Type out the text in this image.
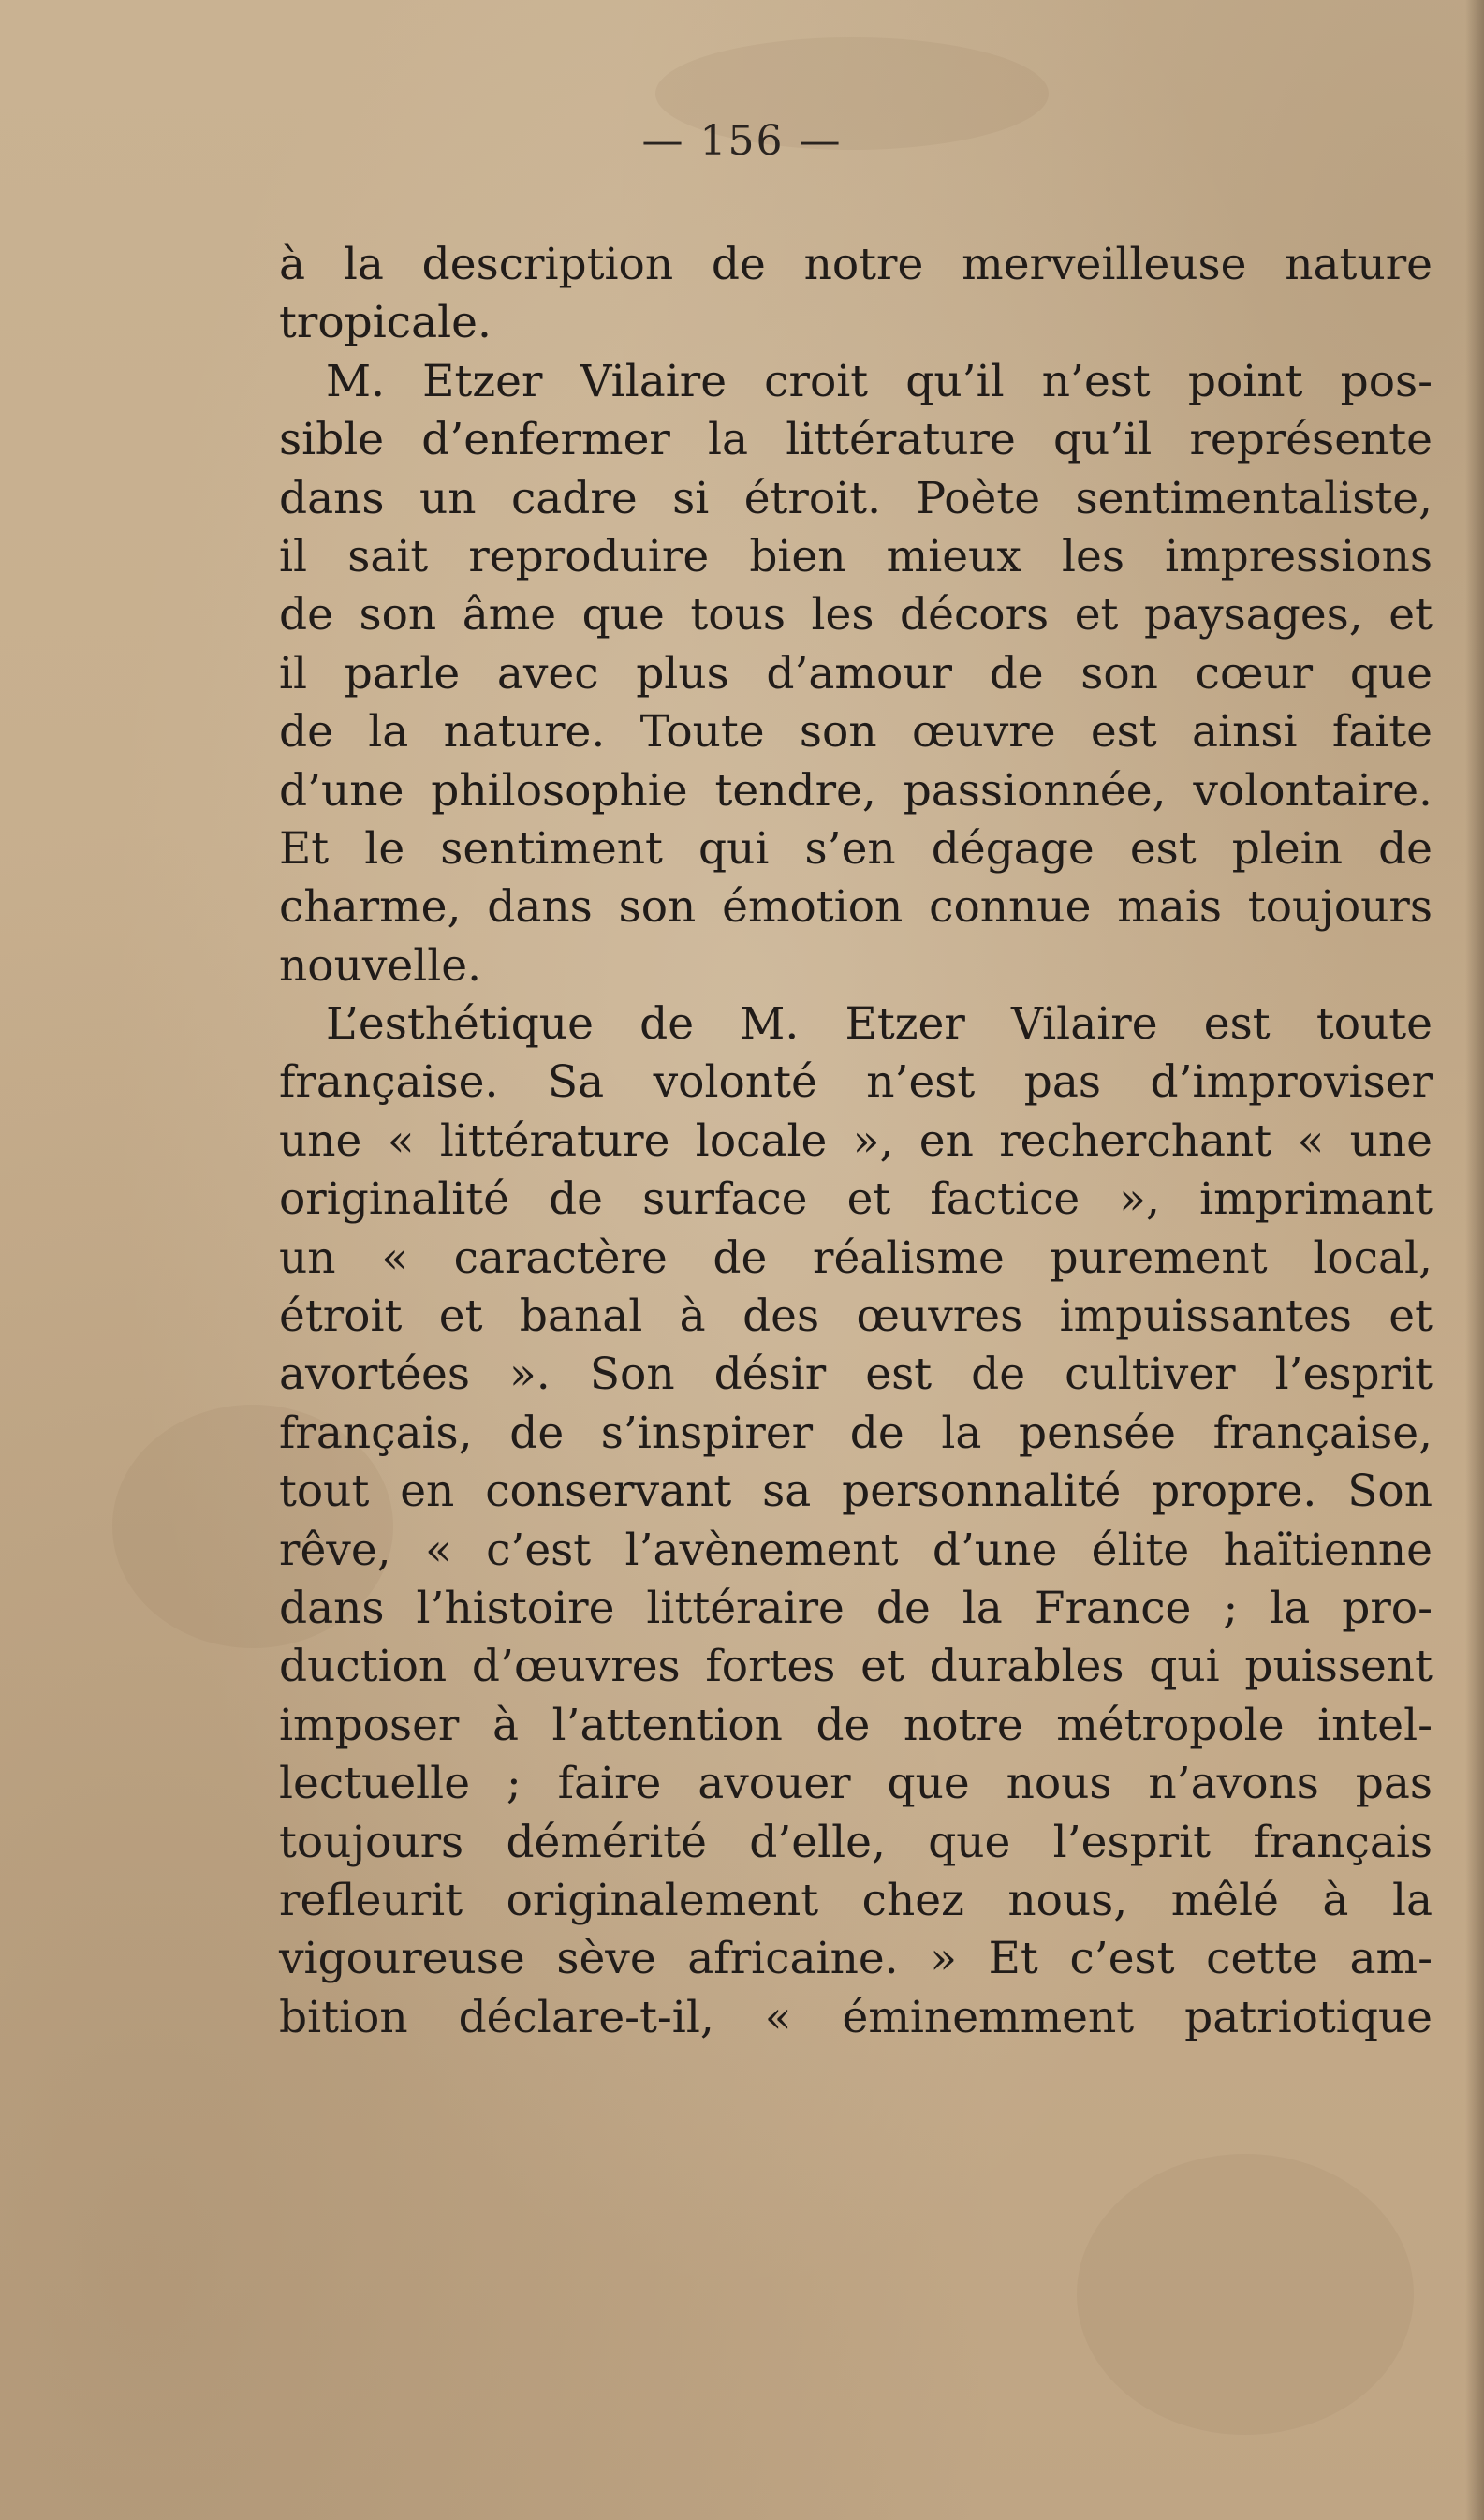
— 156 —
à la description de notre merveilleuse nature
tropicale.
M. Etzer Vilaire croit qu’il n’est point pos-
sible d’enfermer la littérature qu’il représente
dans un cadre si étroit. Poète sentimentaliste,
il sait reproduire bien mieux les impressions
de son âme que tous les décors et paysages, et
il parle avec plus d’amour de son cœur que
de la nature. Toute son œuvre est ainsi faite
d’une philosophie tendre, passionnée, volontaire.
Et le sentiment qui s’en dégage est plein de
charme, dans son émotion connue mais toujours
nouvelle.
L’esthétique de M. Etzer Vilaire est toute
française. Sa volonté n’est pas d’improviser
une « littérature locale », en recherchant « une
originalité de surface et factice », imprimant
un « caractère de réalisme purement local,
étroit et banal à des œuvres impuissantes et
avortées ». Son désir est de cultiver l’esprit
français, de s’inspirer de la pensée française,
tout en conservant sa personnalité propre. Son
rêve, « c’est l’avènement d’une élite haïtienne
dans l’histoire littéraire de la France ; la pro-
duction d’œuvres fortes et durables qui puissent
imposer à l’attention de notre métropole intel-
lectuelle ; faire avouer que nous n’avons pas
toujours démérité d’elle, que l’esprit français
refleurit originalement chez nous, mêlé à la
vigoureuse sève africaine. » Et c’est cette am-
bition déclare-t-il, « éminemment patriotique
